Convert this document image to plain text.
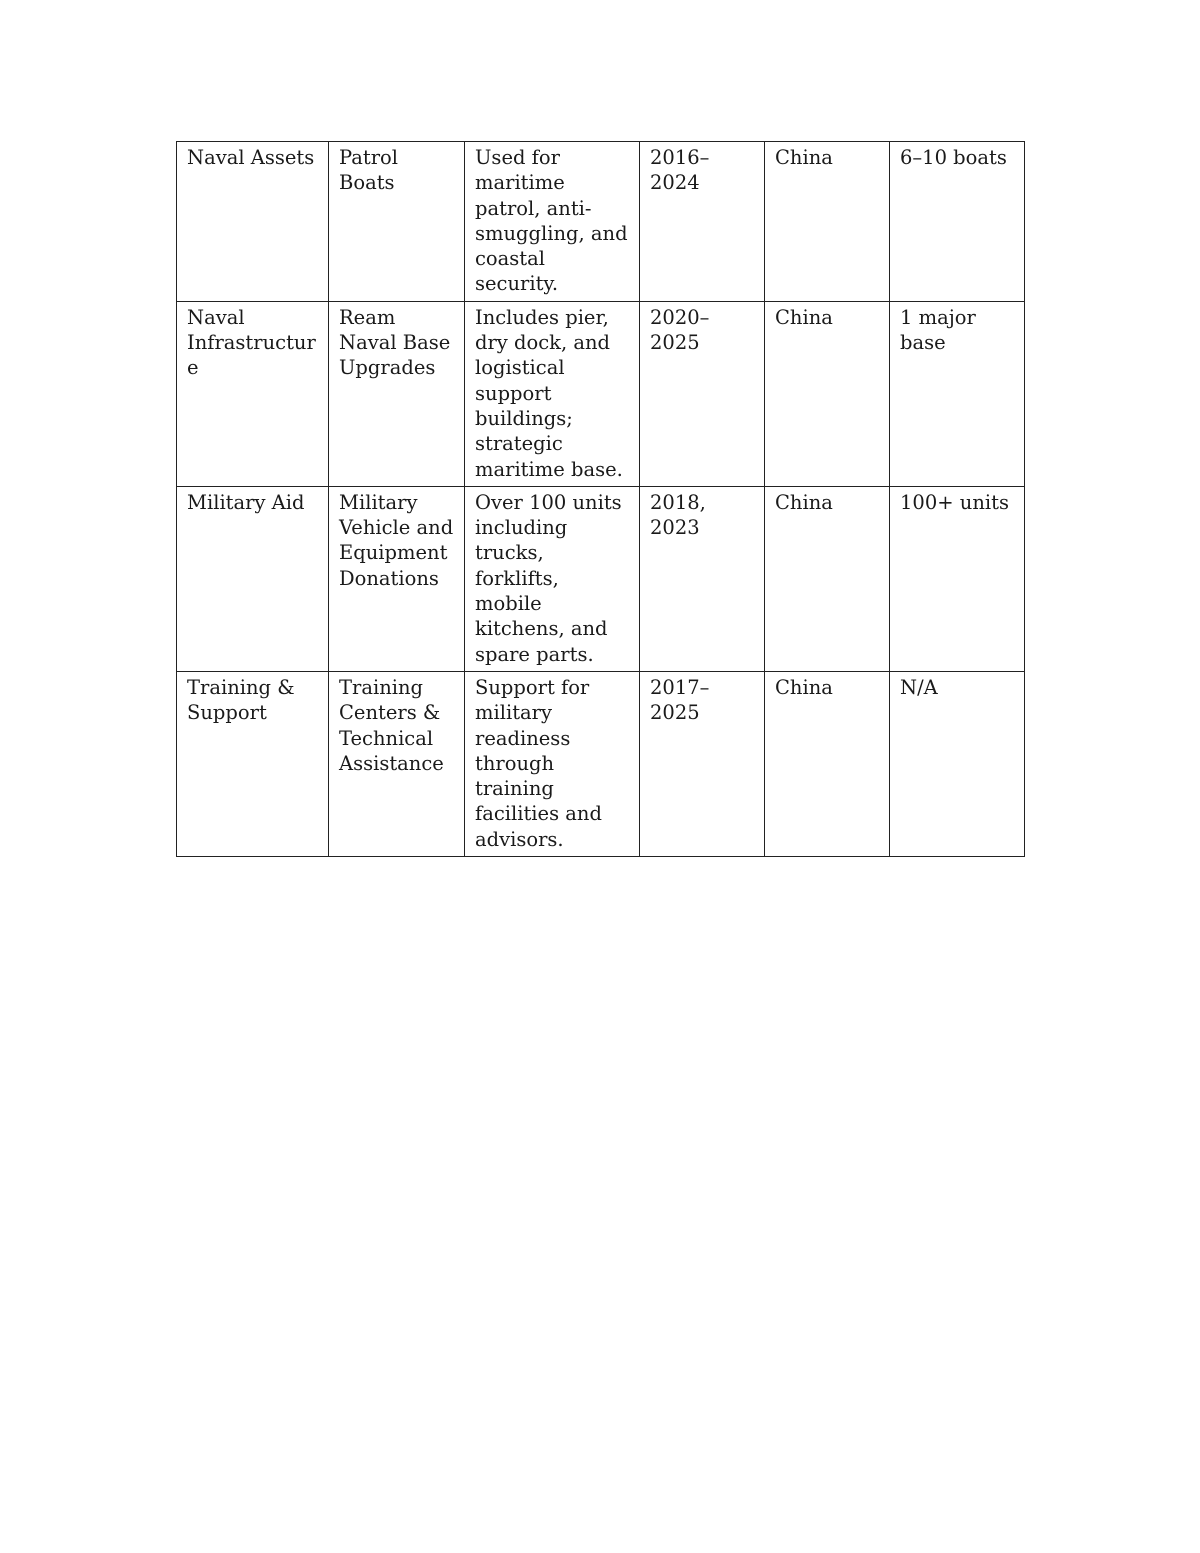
Naval Assets	Patrol Boats	Used for maritime patrol, anti-smuggling, and coastal security.	2016–2024	China	6–10 boats
Naval Infrastructure	Ream Naval Base Upgrades	Includes pier, dry dock, and logistical support buildings; strategic maritime base.	2020–2025	China	1 major base
Military Aid	Military Vehicle and Equipment Donations	Over 100 units including trucks, forklifts, mobile kitchens, and spare parts.	2018, 2023	China	100+ units
Training & Support	Training Centers & Technical Assistance	Support for military readiness through training facilities and advisors.	2017–2025	China	N/A
